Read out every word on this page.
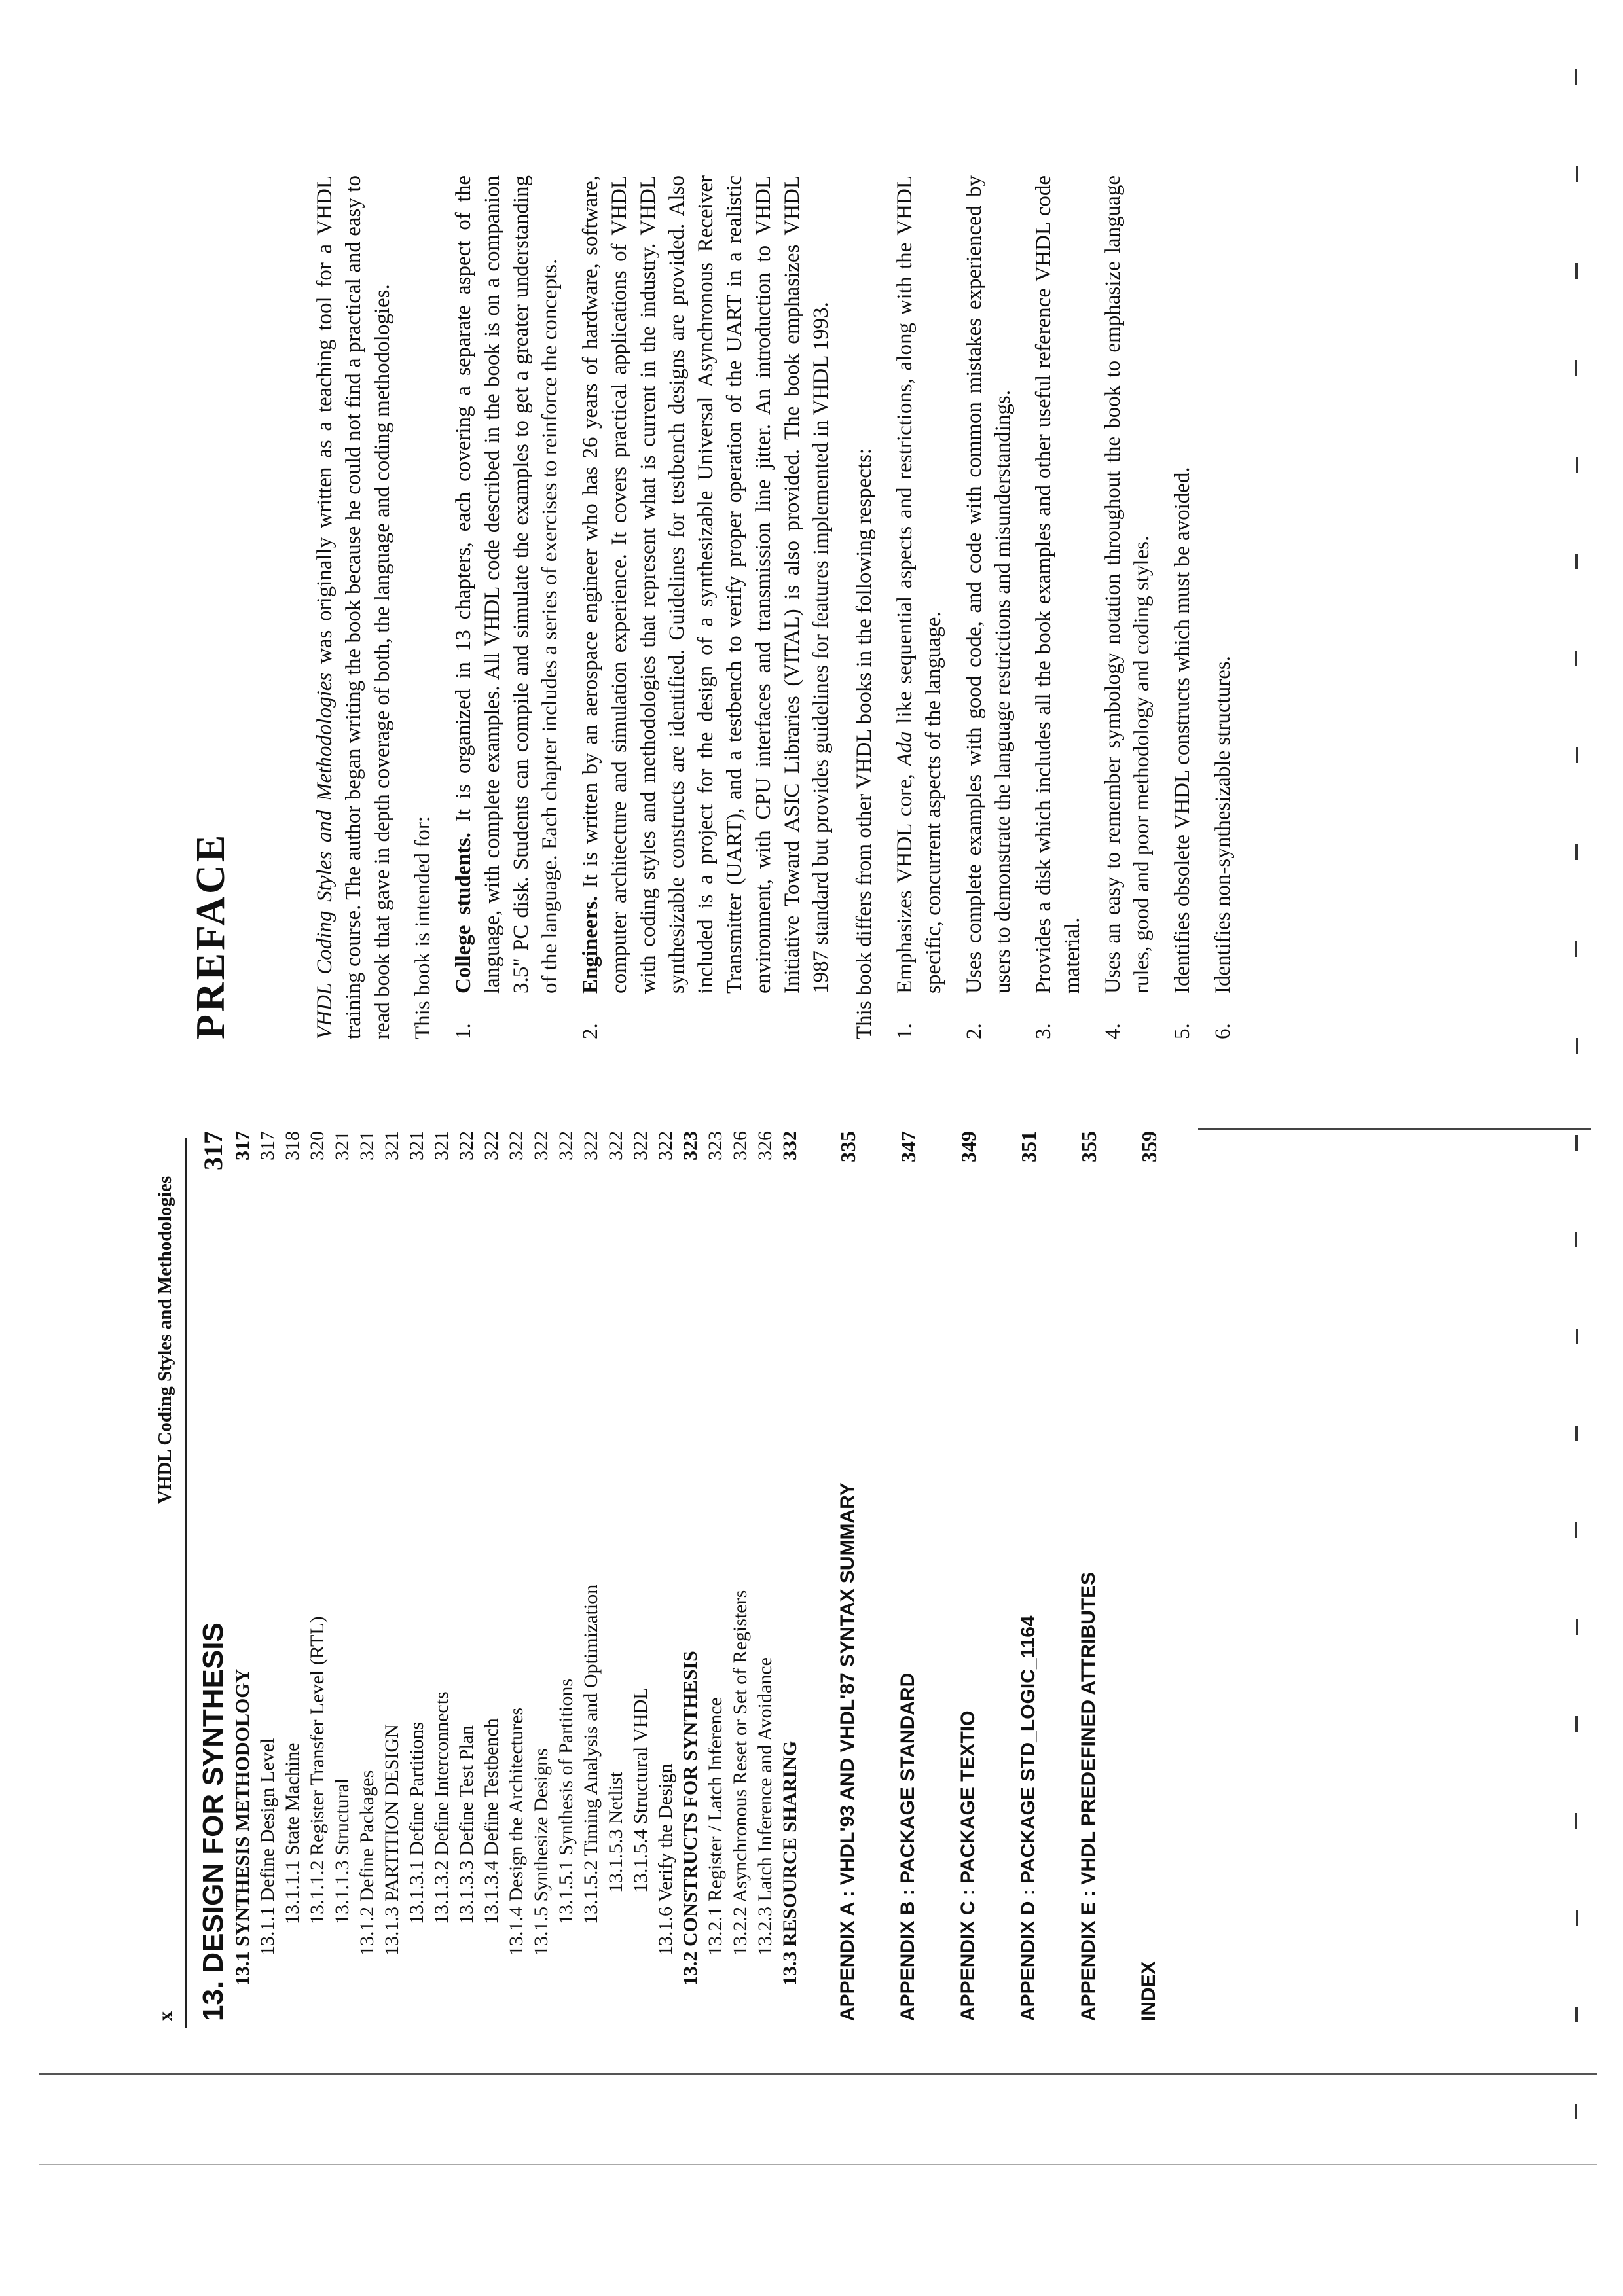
x
VHDL Coding Styles and Methodologies
13. DESIGN FOR SYNTHESIS
317
13.1 SYNTHESIS METHODOLOGY
317
13.1.1 Define Design Level
317
13.1.1.1 State Machine
318
13.1.1.2 Register Transfer Level (RTL)
320
13.1.1.3 Structural
321
13.1.2 Define Packages
321
13.1.3 PARTITION DESIGN
321
13.1.3.1 Define Partitions
321
13.1.3.2 Define Interconnects
321
13.1.3.3 Define Test Plan
322
13.1.3.4 Define Testbench
322
13.1.4 Design the Architectures
322
13.1.5 Synthesize Designs
322
13.1.5.1 Synthesis of Partitions
322
13.1.5.2 Timing Analysis and Optimization
322
13.1.5.3 Netlist
322
13.1.5.4 Structural VHDL
322
13.1.6 Verify the Design
322
13.2 CONSTRUCTS FOR SYNTHESIS
323
13.2.1 Register / Latch Inference
323
13.2.2 Asynchronous Reset or Set of Registers
326
13.2.3 Latch Inference and Avoidance
326
13.3 RESOURCE SHARING
332
APPENDIX A : VHDL'93 AND VHDL'87 SYNTAX SUMMARY
335
APPENDIX B : PACKAGE STANDARD
347
APPENDIX C : PACKAGE TEXTIO
349
APPENDIX D : PACKAGE STD_LOGIC_1164
351
APPENDIX E : VHDL PREDEFINED ATTRIBUTES
355
INDEX
359
PREFACE	VHDL Coding Styles and Methodologies was originally written as a teaching tool for a VHDL training course. The author began writing the book because he could not find a practical and easy to read book that gave in depth coverage of both, the language and coding methodologies. This book is intended for: 1.
College students. It is organized in 13 chapters, each covering a separate aspect of the language, with complete examples. All VHDL code described in the book is on a companion 3.5" PC disk. Students can compile and simulate the examples to get a greater understanding of the language. Each chapter includes a series of exercises to reinforce the concepts.
2.
Engineers. It is written by an aerospace engineer who has 26 years of hardware, software, computer architecture and simulation experience. It covers practical applications of VHDL with coding styles and methodologies that represent what is current in the industry. VHDL synthesizable constructs are identified. Guidelines for testbench designs are provided. Also included is a project for the design of a synthesizable Universal Asynchronous Receiver Transmitter (UART), and a testbench to verify proper operation of the UART in a realistic environment, with CPU interfaces and transmission line jitter. An introduction to VHDL Initiative Toward ASIC Libraries (VITAL) is also provided. The book emphasizes VHDL 1987 standard but provides guidelines for features implemented in VHDL 1993. This book differs from other VHDL books in the following respects: 1.
Emphasizes VHDL core, Ada like sequential aspects and restrictions, along with the VHDL specific, concurrent aspects of the language.
2.
Uses complete examples with good code, and code with common mistakes experienced by users to demonstrate the language restrictions and misunderstandings.
3.
Provides a disk which includes all the book examples and other useful reference VHDL code material.
4.
Uses an easy to remember symbology notation throughout the book to emphasize language rules, good and poor methodology and coding styles.
5.
Identifies obsolete VHDL constructs which must be avoided.
6.
Identifies non-synthesizable structures.
